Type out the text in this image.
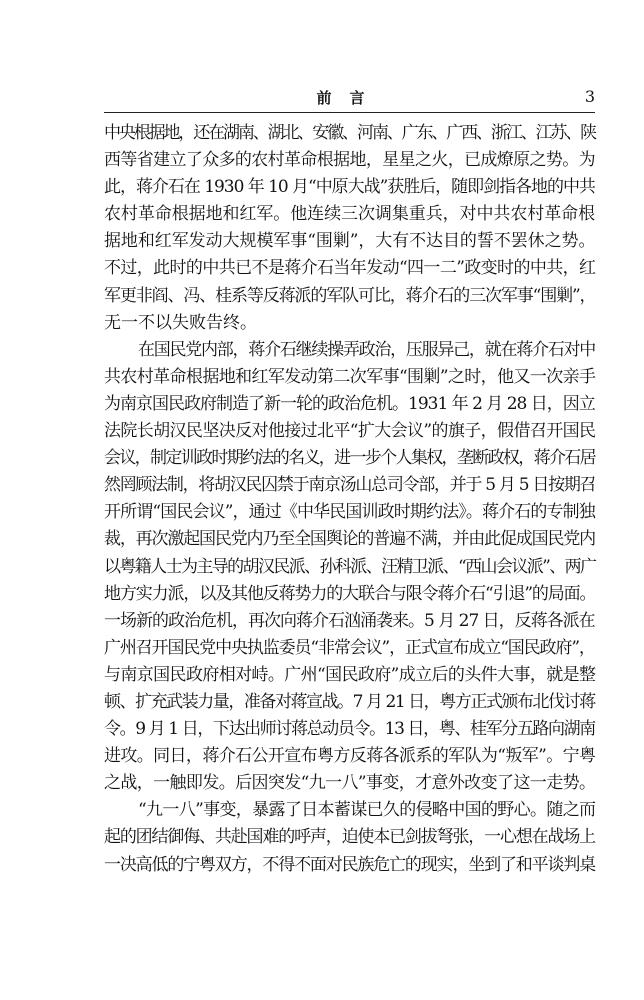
前言	3
中央根据地，还在湖南、湖北、安徽、河南、广东、广西、浙江、江苏、陕
西等省建立了众多的农村革命根据地，星星之火，已成燎原之势。为
此，蒋介石在 1930 年 10 月“中原大战”获胜后，随即剑指各地的中共
农村革命根据地和红军。他连续三次调集重兵，对中共农村革命根
据地和红军发动大规模军事“围剿”，大有不达目的誓不罢休之势。
不过，此时的中共已不是蒋介石当年发动“四一二”政变时的中共，红
军更非阎、冯、桂系等反蒋派的军队可比，蒋介石的三次军事“围剿”，
无一不以失败告终。
在国民党内部，蒋介石继续操弄政治，压服异己，就在蒋介石对中
共农村革命根据地和红军发动第二次军事“围剿”之时，他又一次亲手
为南京国民政府制造了新一轮的政治危机。1931 年 2 月 28 日，因立
法院长胡汉民坚决反对他接过北平“扩大会议”的旗子，假借召开国民
会议，制定训政时期约法的名义，进一步个人集权，垄断政权，蒋介石居
然罔顾法制，将胡汉民囚禁于南京汤山总司令部，并于 5 月 5 日按期召
开所谓“国民会议”，通过《中华民国训政时期约法》。蒋介石的专制独
裁，再次激起国民党内乃至全国舆论的普遍不满，并由此促成国民党内
以粤籍人士为主导的胡汉民派、孙科派、汪精卫派、“西山会议派”、两广
地方实力派，以及其他反蒋势力的大联合与限令蒋介石“引退”的局面。
一场新的政治危机，再次向蒋介石汹涌袭来。5 月 27 日，反蒋各派在
广州召开国民党中央执监委员“非常会议”，正式宣布成立“国民政府”，
与南京国民政府相对峙。广州“国民政府”成立后的头件大事，就是整
顿、扩充武装力量，准备对蒋宣战。7 月 21 日，粤方正式颁布北伐讨蒋
令。9 月 1 日，下达出师讨蒋总动员令。13 日，粤、桂军分五路向湖南
进攻。同日，蒋介石公开宣布粤方反蒋各派系的军队为“叛军”。宁粤
之战，一触即发。后因突发“九一八”事变，才意外改变了这一走势。
“九一八”事变，暴露了日本蓄谋已久的侵略中国的野心。随之而
起的团结御侮、共赴国难的呼声，迫使本已剑拔弩张，一心想在战场上
一决高低的宁粤双方，不得不面对民族危亡的现实，坐到了和平谈判桌
